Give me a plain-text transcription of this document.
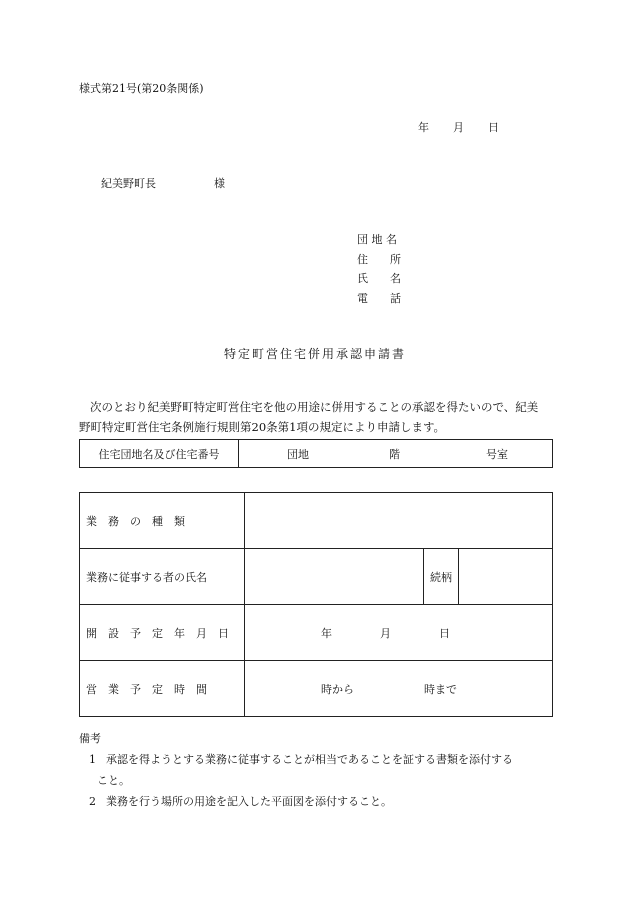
様式第21号(第20条関係)
年 月 日
紀美野町長	様
団 地 名
住　　所
氏　　名
電　　話
特定町営住宅併用承認申請書
次のとおり紀美野町特定町営住宅を他の用途に併用することの承認を得たいので、紀美
野町特定町営住宅条例施行規則第20条第1項の規定により申請します。
住宅団地名及び住宅番号	団地	階	号室
業　務　の　種　類			
業務に従事する者の氏名		続柄	
開　設　予　定　年　月　日	年 月 日		
営　業　予　定　時　間	時から 時まで		
備考
1 承認を得ようとする業務に従事することが相当であることを証する書類を添付する
こと。
2 業務を行う場所の用途を記入した平面図を添付すること。
